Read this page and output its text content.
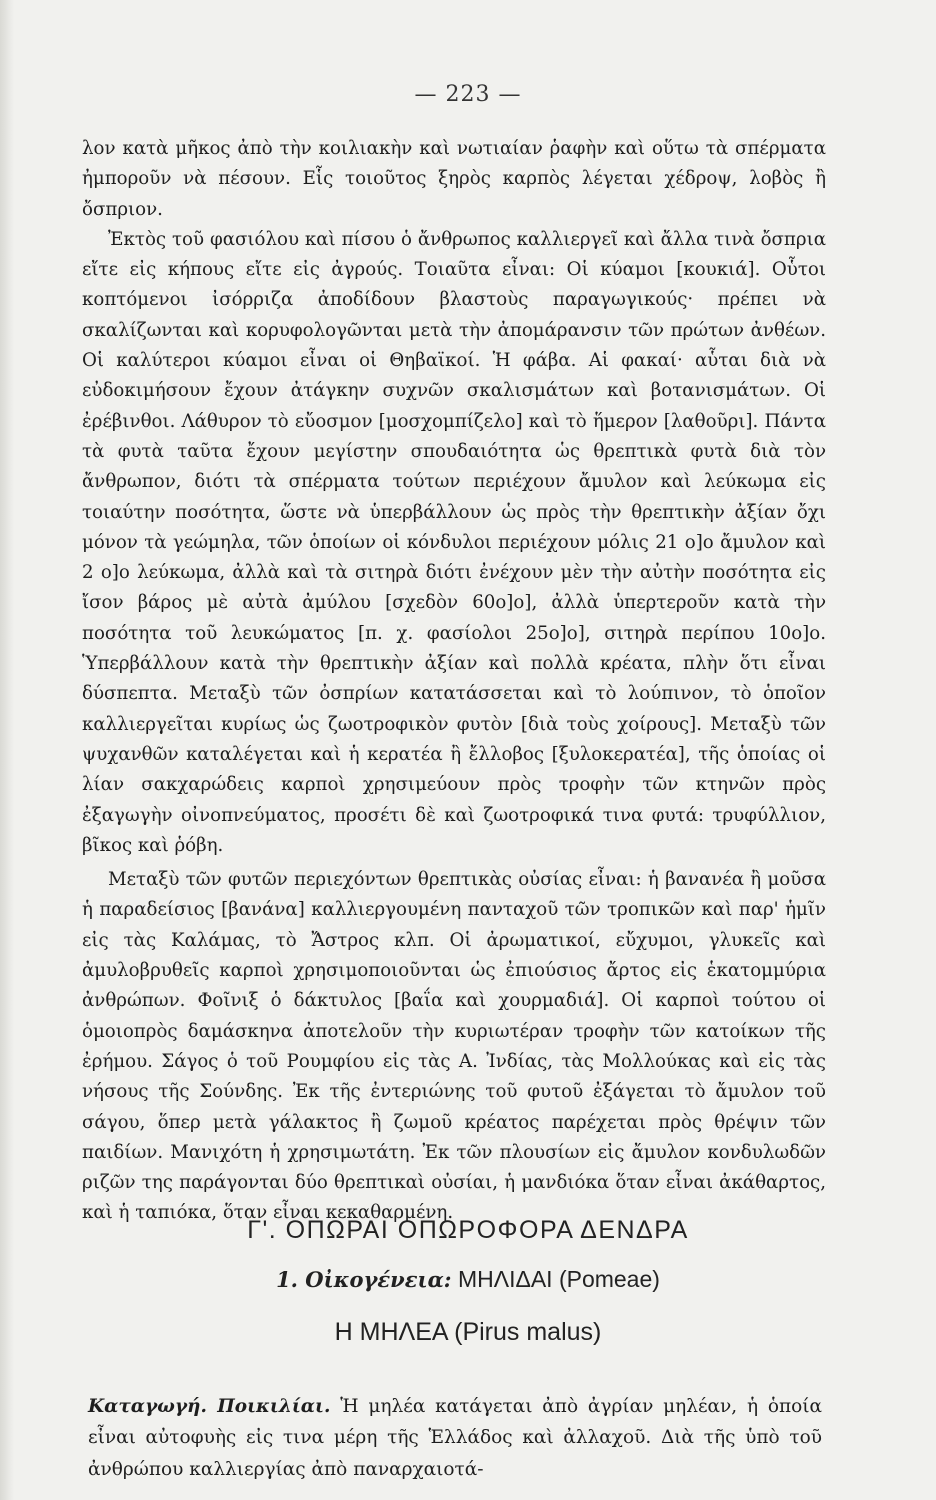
— 223 —

λον κατὰ μῆκος ἀπὸ τὴν κοιλιακὴν καὶ νωτιαίαν ῥαφὴν καὶ οὕτω τὰ σπέρματα ἠμποροῦν νὰ πέσουν. Εἷς τοιοῦτος ξηρὸς καρπὸς λέγεται χέδροψ, λοβὸς ἢ ὄσπριον.

Ἐκτὸς τοῦ φασιόλου καὶ πίσου ὁ ἄνθρωπος καλλιεργεῖ καὶ ἄλλα τινὰ ὄσπρια εἴτε εἰς κήπους εἴτε εἰς ἀγρούς. Τοιαῦτα εἶναι: Οἱ κύαμοι [κουκιά]. Οὗτοι κοπτόμενοι ἰσόρριζα ἀποδίδουν βλαστοὺς παραγωγικούς· πρέπει νὰ σκαλίζωνται καὶ κορυφολογῶνται μετὰ τὴν ἀπομάρανσιν τῶν πρώτων ἀνθέων. Οἱ καλύτεροι κύαμοι εἶναι οἱ Θηβαϊκοί. Ἡ φάβα. Αἱ φακαί· αὗται διὰ νὰ εὐδοκιμήσουν ἔχουν ἀτάγκην συχνῶν σκαλισμάτων καὶ βοτανισμάτων. Οἱ ἐρέβινθοι. Λάθυρον τὸ εὔοσμον [μοσχομπίζελο] καὶ τὸ ἥμερον [λαθοῦρι]. Πάντα τὰ φυτὰ ταῦτα ἔχουν μεγίστην σπουδαιότητα ὡς θρεπτικὰ φυτὰ διὰ τὸν ἄνθρωπον, διότι τὰ σπέρματα τούτων περιέχουν ἄμυλον καὶ λεύκωμα εἰς τοιαύτην ποσότητα, ὥστε νὰ ὑπερβάλλουν ὡς πρὸς τὴν θρεπτικὴν ἀξίαν ὄχι μόνον τὰ γεώμηλα, τῶν ὁποίων οἱ κόνδυλοι περιέχουν μόλις 21 ο]ο ἄμυλον καὶ 2 ο]ο λεύκωμα, ἀλλὰ καὶ τὰ σιτηρὰ διότι ἐνέχουν μὲν τὴν αὐτὴν ποσότητα εἰς ἴσον βάρος μὲ αὐτὰ ἀμύλου [σχεδὸν 60ο]ο], ἀλλὰ ὑπερτεροῦν κατὰ τὴν ποσότητα τοῦ λευκώματος [π. χ. φασίολοι 25ο]ο], σιτηρὰ περίπου 10ο]ο. Ὑπερβάλλουν κατὰ τὴν θρεπτικὴν ἀξίαν καὶ πολλὰ κρέατα, πλὴν ὅτι εἶναι δύσπεπτα. Μεταξὺ τῶν ὀσπρίων κατατάσσεται καὶ τὸ λούπινον, τὸ ὁποῖον καλλιεργεῖται κυρίως ὡς ζωοτροφικὸν φυτὸν [διὰ τοὺς χοίρους]. Μεταξὺ τῶν ψυχανθῶν καταλέγεται καὶ ἡ κερατέα ἢ ἔλλοβος [ξυλοκερατέα], τῆς ὁποίας οἱ λίαν σακχαρώδεις καρποὶ χρησιμεύουν πρὸς τροφὴν τῶν κτηνῶν πρὸς ἐξαγωγὴν οἰνοπνεύματος, προσέτι δὲ καὶ ζωοτροφικά τινα φυτά: τρυφύλλιον, βῖκος καὶ ῥόβη.

Μεταξὺ τῶν φυτῶν περιεχόντων θρεπτικὰς οὐσίας εἶναι: ἡ βανανέα ἢ μοῦσα ἡ παραδείσιος [βανάνα] καλλιεργουμένη πανταχοῦ τῶν τροπικῶν καὶ παρ' ἡμῖν εἰς τὰς Καλάμας, τὸ Ἄστρος κλπ. Οἱ ἀρωματικοί, εὔχυμοι, γλυκεῖς καὶ ἀμυλοβρυθεῖς καρποὶ χρησιμοποιοῦνται ὡς ἐπιούσιος ἄρτος εἰς ἑκατομμύρια ἀνθρώπων. Φοῖνιξ ὁ δάκτυλος [βαΐα καὶ χουρμαδιά]. Οἱ καρποὶ τούτου οἱ ὁμοιοπρὸς δαμάσκηνα ἀποτελοῦν τὴν κυριωτέραν τροφὴν τῶν κατοίκων τῆς ἐρήμου. Σάγος ὁ τοῦ Ρουμφίου εἰς τὰς Α. Ἰνδίας, τὰς Μολλούκας καὶ εἰς τὰς νήσους τῆς Σούνδης. Ἐκ τῆς ἐντεριώνης τοῦ φυτοῦ ἐξάγεται τὸ ἄμυλον τοῦ σάγου, ὅπερ μετὰ γάλακτος ἢ ζωμοῦ κρέατος παρέχεται πρὸς θρέψιν τῶν παιδίων. Μανιχότη ἡ χρησιμωτάτη. Ἐκ τῶν πλουσίων εἰς ἄμυλον κονδυλωδῶν ριζῶν της παράγονται δύο θρεπτικαὶ οὐσίαι, ἡ μανδιόκα ὅταν εἶναι ἀκάθαρτος, καὶ ἡ ταπιόκα, ὅταν εἶναι κεκαθαρμένη.

Γ'. ΟΠΩΡΑΙ ΟΠΩΡΟΦΟΡΑ ΔΕΝΔΡΑ
1. Οἰκογένεια: ΜΗΛΙΔΑΙ (Pomeae)
Η ΜΗΛΕΑ (Pirus malus)

Καταγωγή. Ποικιλίαι. Ἡ μηλέα κατάγεται ἀπὸ ἀγρίαν μηλέαν, ἡ ὁποία εἶναι αὐτοφυὴς εἰς τινα μέρη τῆς Ἑλλάδος καὶ ἀλλαχοῦ. Διὰ τῆς ὑπὸ τοῦ ἀνθρώπου καλλιεργίας ἀπὸ παναρχαιοτά-
